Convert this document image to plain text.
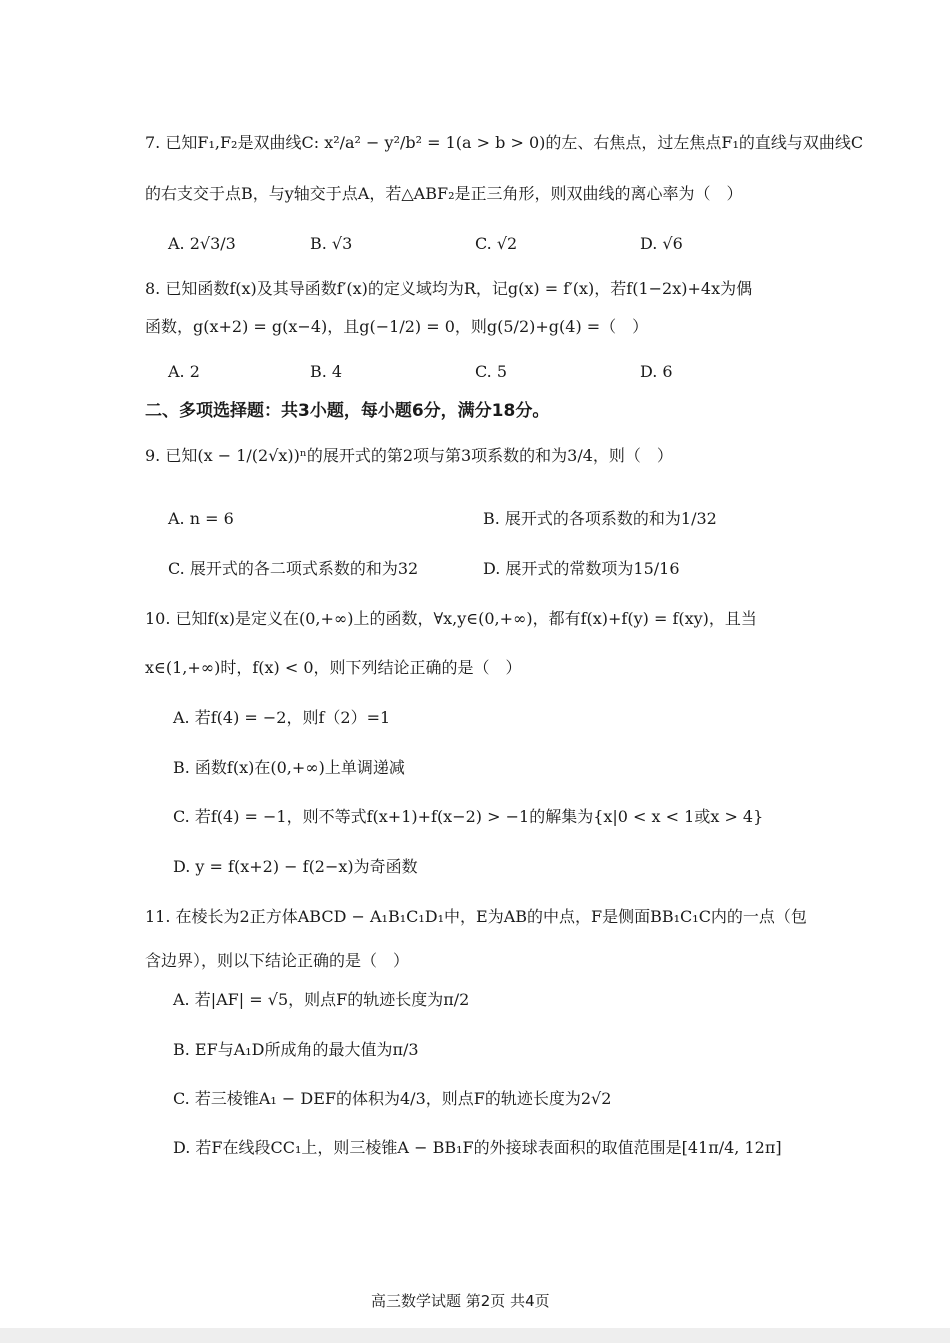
7. 已知F₁,F₂是双曲线C: x²/a² − y²/b² = 1(a > b > 0)的左、右焦点，过左焦点F₁的直线与双曲线C
的右支交于点B，与y轴交于点A，若△ABF₂是正三角形，则双曲线的离心率为（　）
A. 2√3/3	B. √3	C. √2	D. √6
8. 已知函数f(x)及其导函数f′(x)的定义域均为R，记g(x) = f′(x)，若f(1−2x)+4x为偶
函数，g(x+2) = g(x−4)，且g(−1/2) = 0，则g(5/2)+g(4) =（　）
A. 2	B. 4	C. 5	D. 6
二、多项选择题：共3小题，每小题6分，满分18分。
9. 已知(x − 1/(2√x))ⁿ的展开式的第2项与第3项系数的和为3/4，则（　）
A. n = 6	B. 展开式的各项系数的和为1/32
C. 展开式的各二项式系数的和为32	D. 展开式的常数项为15/16
10. 已知f(x)是定义在(0,+∞)上的函数，∀x,y∈(0,+∞)，都有f(x)+f(y) = f(xy)，且当
x∈(1,+∞)时，f(x) < 0，则下列结论正确的是（　）
A. 若f(4) = −2，则f（2）=1
B. 函数f(x)在(0,+∞)上单调递减
C. 若f(4) = −1，则不等式f(x+1)+f(x−2) > −1的解集为{x|0 < x < 1或x > 4}
D. y = f(x+2) − f(2−x)为奇函数
11. 在棱长为2正方体ABCD − A₁B₁C₁D₁中，E为AB的中点，F是侧面BB₁C₁C内的一点（包
含边界），则以下结论正确的是（　）
A. 若|AF| = √5，则点F的轨迹长度为π/2
B. EF与A₁D所成角的最大值为π/3
C. 若三棱锥A₁ − DEF的体积为4/3，则点F的轨迹长度为2√2
D. 若F在线段CC₁上，则三棱锥A − BB₁F的外接球表面积的取值范围是[41π/4, 12π]
高三数学试题 第2页 共4页
